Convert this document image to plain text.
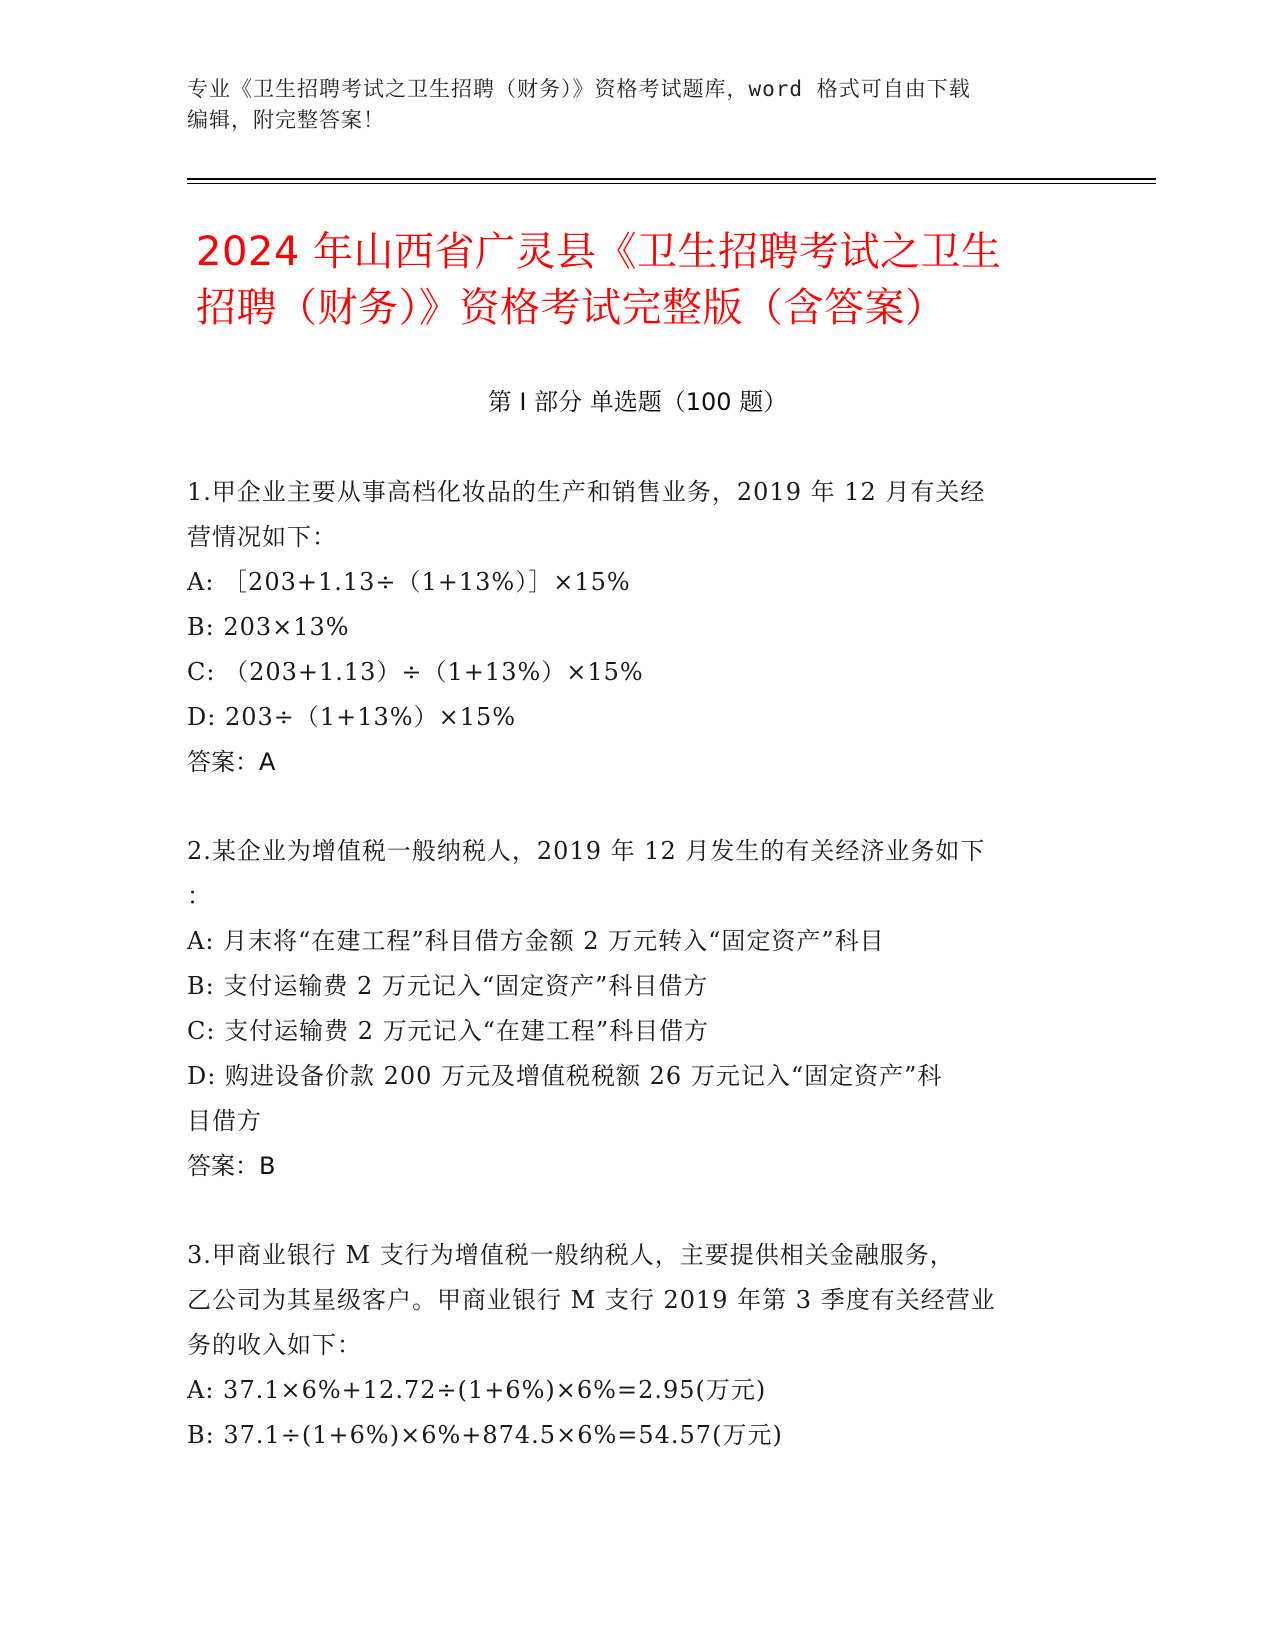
专业《卫生招聘考试之卫生招聘（财务）》资格考试题库，word 格式可自由下载
编辑，附完整答案！
2024 年山西省广灵县《卫生招聘考试之卫生
招聘（财务）》资格考试完整版（含答案）
第 I 部分 单选题（100 题）
1.甲企业主要从事高档化妆品的生产和销售业务，2019 年 12 月有关经
营情况如下：
A: ［203+1.13÷（1+13%）］×15%
B: 203×13%
C: （203+1.13）÷（1+13%）×15%
D: 203÷（1+13%）×15%
答案：A
2.某企业为增值税一般纳税人，2019 年 12 月发生的有关经济业务如下
：
A: 月末将“在建工程”科目借方金额 2 万元转入“固定资产”科目
B: 支付运输费 2 万元记入“固定资产”科目借方
C: 支付运输费 2 万元记入“在建工程”科目借方
D: 购进设备价款 200 万元及增值税税额 26 万元记入“固定资产”科
目借方
答案：B
3.甲商业银行 M 支行为增值税一般纳税人，主要提供相关金融服务，
乙公司为其星级客户。甲商业银行 M 支行 2019 年第 3 季度有关经营业
务的收入如下：
A: 37.1×6%+12.72÷(1+6%)×6%=2.95(万元)
B: 37.1÷(1+6%)×6%+874.5×6%=54.57(万元)
